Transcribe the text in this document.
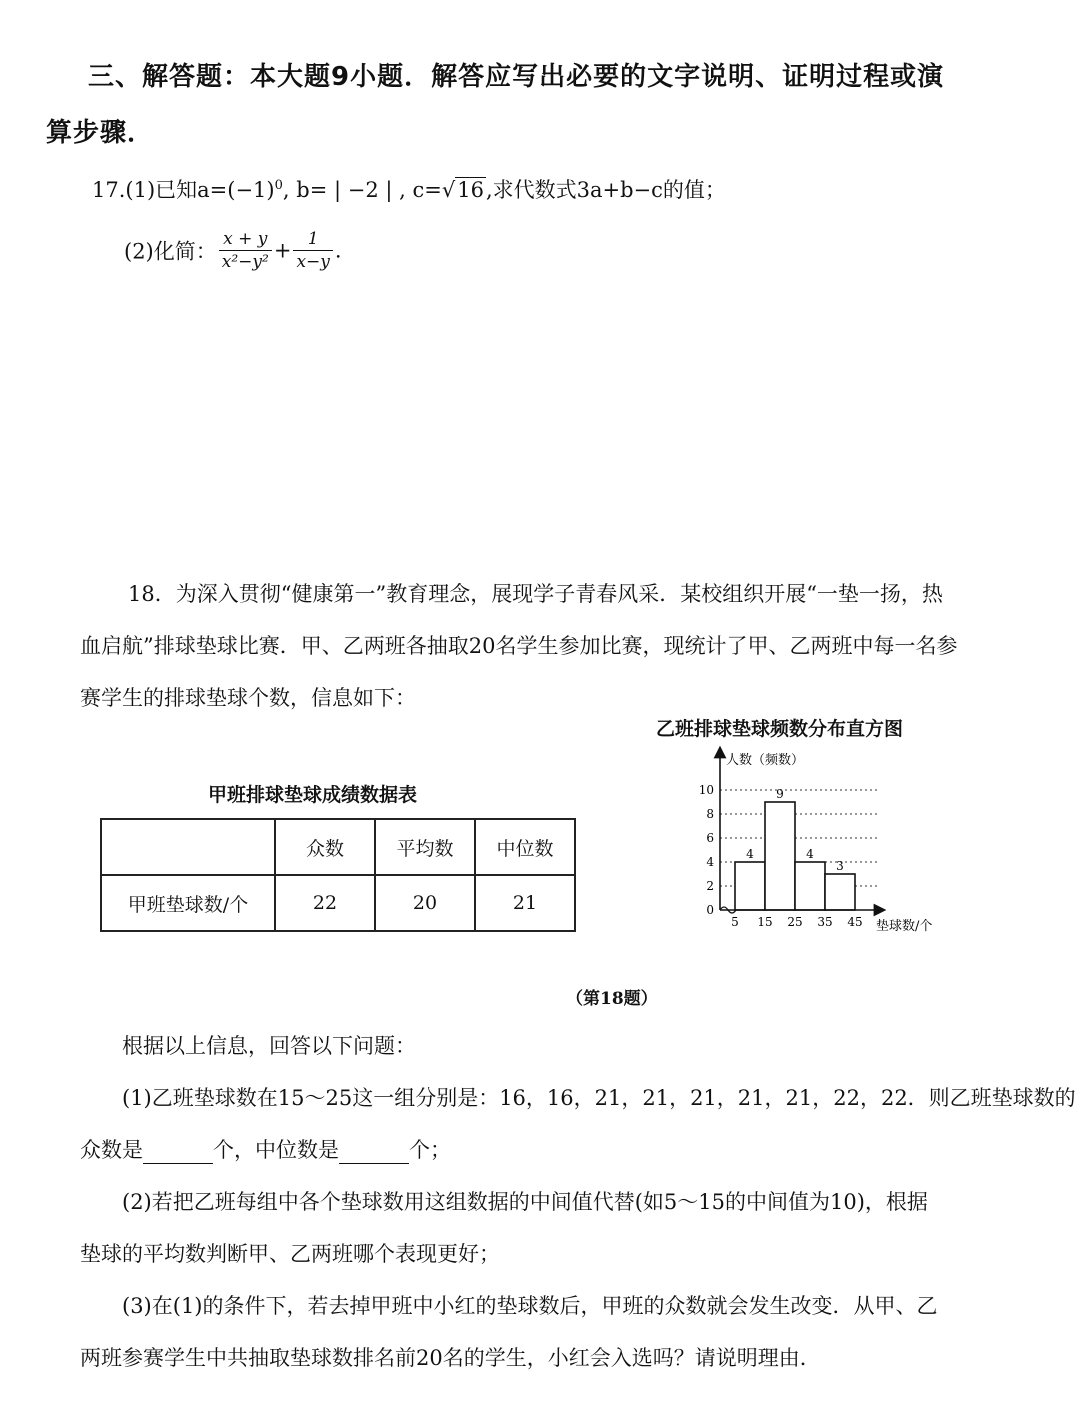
三、解答题：本大题9小题．解答应写出必要的文字说明、证明过程或演
算步骤．
17.(1)已知$a=(-1)^0$, b= | −2 | , c=√16,求代数式3a+b−c的值；
(2)化简： $\frac{x + y}{\text{x²−y²}} + \frac{1}{x-y}$ .
18．为深入贯彻“健康第一”教育理念，展现学子青春风采．某校组织开展“一垫一扬，热
血启航”排球垫球比赛．甲、乙两班各抽取20名学生参加比赛，现统计了甲、乙两班中每一名参
赛学生的排球垫球个数，信息如下：
甲班排球垫球成绩数据表
	众数	平均数	中位数
甲班垫球数/个	22	20	21
乙班排球垫球频数分布直方图
0
2
4
6
8
10
4
9
4
3
5 15 25 35 45
人数（频数）
垫球数/个
（第18题）
根据以上信息，回答以下问题：
(1)乙班垫球数在15～25这一组分别是：16，16，21，21，21，21，21，22，22．则乙班垫球数的
众数是	个，中位数是	个；
(2)若把乙班每组中各个垫球数用这组数据的中间值代替(如5～15的中间值为10)，根据
垫球的平均数判断甲、乙两班哪个表现更好；
(3)在(1)的条件下，若去掉甲班中小红的垫球数后，甲班的众数就会发生改变．从甲、乙
两班参赛学生中共抽取垫球数排名前20名的学生，小红会入选吗？请说明理由．
